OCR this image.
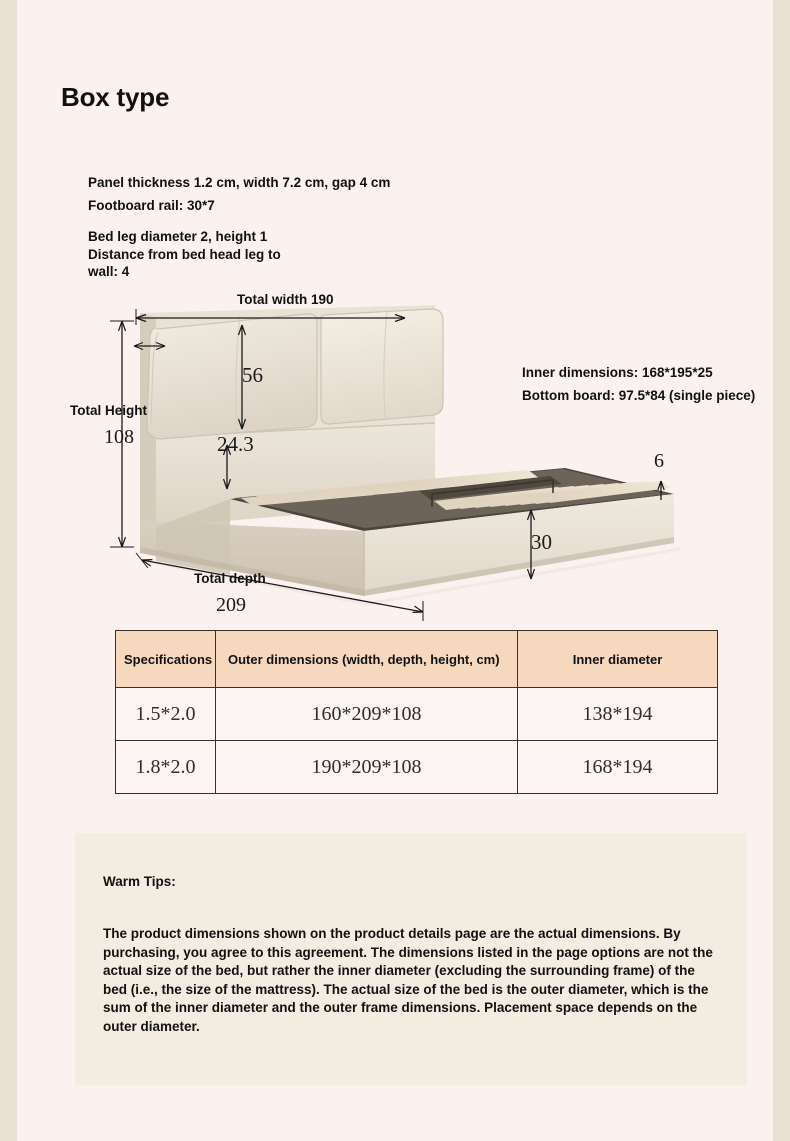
Box type
Panel thickness 1.2 cm, width 7.2 cm, gap 4 cm
Footboard rail: 30*7
Bed leg diameter 2, height 1
Distance from bed head leg to
wall: 4
Total width 190
Total Height
108
56
24.3
30
6
Total depth
209
Inner dimensions: 168*195*25
Bottom board: 97.5*84 (single piece)
Specifications	Outer dimensions (width, depth, height, cm)	Inner diameter
1.5*2.0	160*209*108	138*194
1.8*2.0	190*209*108	168*194
Warm Tips:
The product dimensions shown on the product details page are the actual dimensions. By purchasing, you agree to this agreement. The dimensions listed in the page options are not the actual size of the bed, but rather the inner diameter (excluding the surrounding frame) of the bed (i.e., the size of the mattress). The actual size of the bed is the outer diameter, which is the sum of the inner diameter and the outer frame dimensions. Placement space depends on the outer diameter.
